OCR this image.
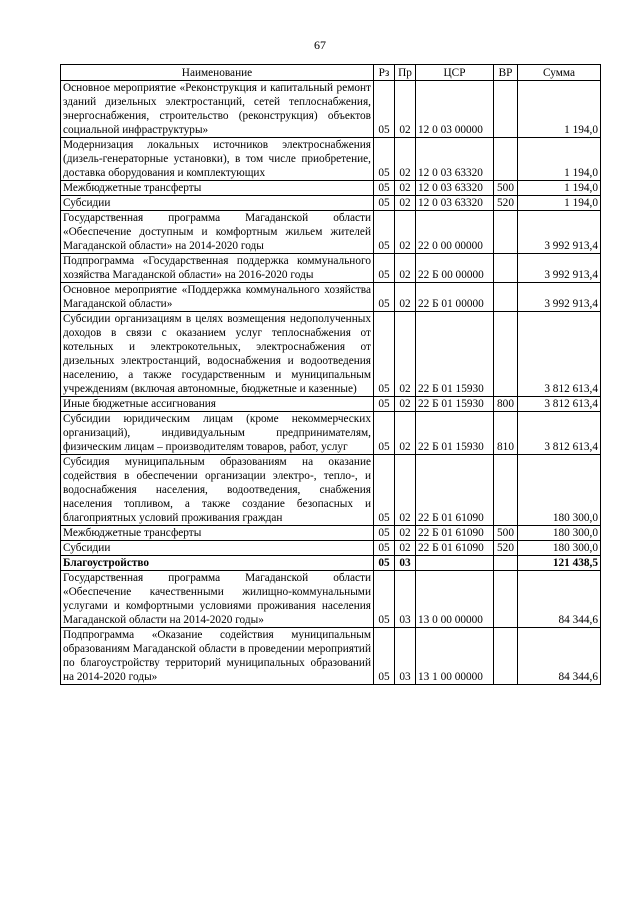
67
Наименование	Рз	Пр	ЦСР	ВР	Сумма
Основное мероприятие «Реконструкция и капитальный ремонт зданий дизельных электростанций, сетей теплоснабжения, энергоснабжения, строительство (реконструкция) объектов социальной инфраструктуры»	05	02	12 0 03 00000		1 194,0
Модернизация локальных источников электроснабжения (дизель-генераторные установки), в том числе приобретение, доставка оборудования и комплектующих	05	02	12 0 03 63320		1 194,0
Межбюджетные трансферты	05	02	12 0 03 63320	500	1 194,0
Субсидии	05	02	12 0 03 63320	520	1 194,0
Государственная программа Магаданской области «Обеспечение доступным и комфортным жильем жителей Магаданской области» на 2014-2020 годы	05	02	22 0 00 00000		3 992 913,4
Подпрограмма «Государственная поддержка коммунального хозяйства Магаданской области» на 2016-2020 годы	05	02	22 Б 00 00000		3 992 913,4
Основное мероприятие «Поддержка коммунального хозяйства Магаданской области»	05	02	22 Б 01 00000		3 992 913,4
Субсидии организациям в целях возмещения недополученных доходов в связи с оказанием услуг теплоснабжения от котельных и электрокотельных, электроснабжения от дизельных электростанций, водоснабжения и водоотведения населению, а также государственным и муниципальным учреждениям (включая автономные, бюджетные и казенные)	05	02	22 Б 01 15930		3 812 613,4
Иные бюджетные ассигнования	05	02	22 Б 01 15930	800	3 812 613,4
Субсидии юридическим лицам (кроме некоммерческих организаций), индивидуальным предпринимателям, физическим лицам – производителям товаров, работ, услуг	05	02	22 Б 01 15930	810	3 812 613,4
Субсидия муниципальным образованиям на оказание содействия в обеспечении организации электро-, тепло-, и водоснабжения населения, водоотведения, снабжения населения топливом, а также создание безопасных и благоприятных условий проживания граждан	05	02	22 Б 01 61090		180 300,0
Межбюджетные трансферты	05	02	22 Б 01 61090	500	180 300,0
Субсидии	05	02	22 Б 01 61090	520	180 300,0
Благоустройство	05	03			121 438,5
Государственная программа Магаданской области «Обеспечение качественными жилищно-коммунальными услугами и комфортными условиями проживания населения Магаданской области на 2014-2020 годы»	05	03	13 0 00 00000		84 344,6
Подпрограмма «Оказание содействия муниципальным образованиям Магаданской области в проведении мероприятий по благоустройству территорий муниципальных образований на 2014-2020 годы»	05	03	13 1 00 00000		84 344,6
